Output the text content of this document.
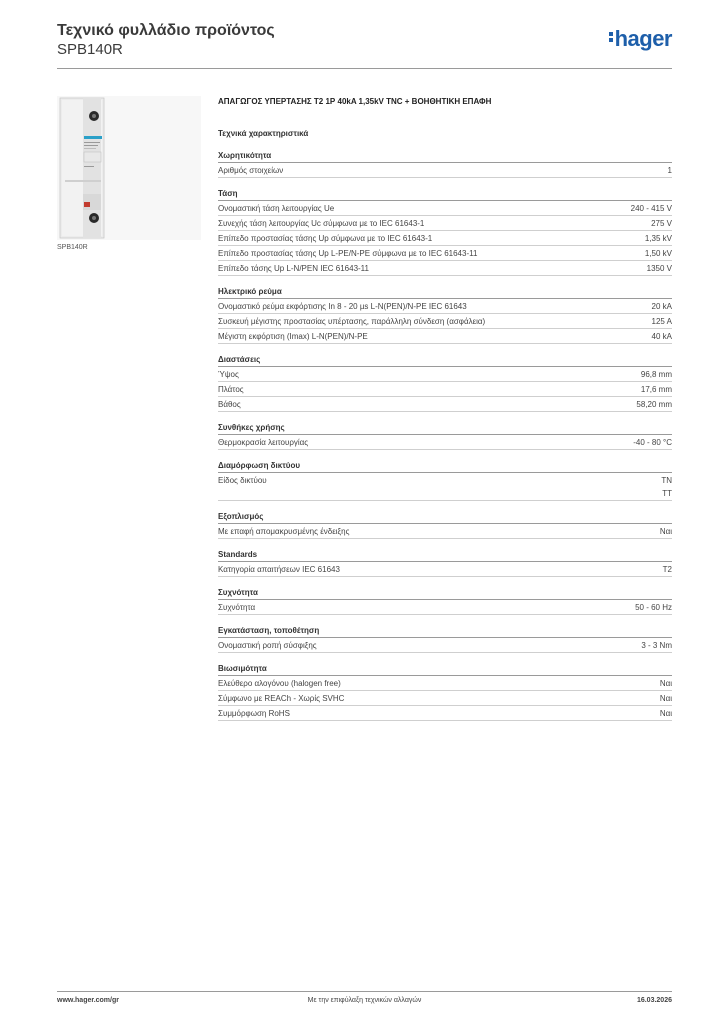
Τεχνικό φυλλάδιο προϊόντος
SPB140R	hager
SPB140R
ΑΠΑΓΩΓΟΣ ΥΠΕΡΤΑΣΗΣ Τ2 1Ρ 40kA 1,35kV TNC + ΒΟΗΘΗΤΙΚΗ ΕΠΑΦΗ
Τεχνικά χαρακτηριστικά
Χωρητικότητα
Αριθμός στοιχείων	1
Τάση
Ονομαστική τάση λειτουργίας Ue	240 - 415 V
Συνεχής τάση λειτουργίας Uc σύμφωνα με το IEC 61643-1	275 V
Επίπεδο προστασίας τάσης Up σύμφωνα με το IEC 61643-1	1,35 kV
Επίπεδο προστασίας τάσης Up L-PE/N-PE σύμφωνα με το IEC 61643-11	1,50 kV
Επίπεδο τάσης Up L-N/PEN IEC 61643-11	1350 V
Ηλεκτρικό ρεύμα
Ονομαστικό ρεύμα εκφόρτισης In 8 - 20 µs L-N(PEN)/N-PE IEC 61643	20 kA
Συσκευή μέγιστης προστασίας υπέρτασης, παράλληλη σύνδεση (ασφάλεια)	125 A
Μέγιστη εκφόρτιση (Imax) L-N(PEN)/N-PE	40 kA
Διαστάσεις
Ύψος	96,8 mm
Πλάτος	17,6 mm
Βάθος	58,20 mm
Συνθήκες χρήσης
Θερμοκρασία λειτουργίας	-40 - 80 °C
Διαμόρφωση δικτύου
Είδος δικτύου	TN
TT
Εξοπλισμός
Με επαφή απομακρυσμένης ένδειξης	Ναι
Standards
Κατηγορία απαιτήσεων IEC 61643	T2
Συχνότητα
Συχνότητα	50 - 60 Hz
Εγκατάσταση, τοποθέτηση
Ονομαστική ροπή σύσφιξης	3 - 3 Nm
Βιωσιμότητα
Ελεύθερο αλογόνου (halogen free)	Ναι
Σύμφωνο με REACh - Χωρίς SVHC	Ναι
Συμμόρφωση RoHS	Ναι
www.hager.com/gr	Με την επιφύλαξη τεχνικών αλλαγών	16.03.2026
